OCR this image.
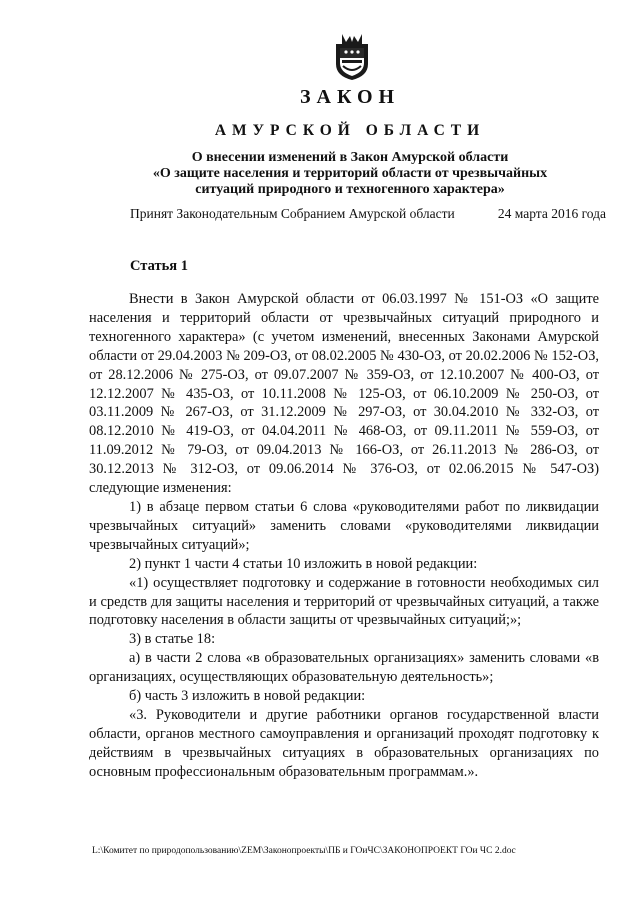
ЗАКОН
АМУРСКОЙ ОБЛАСТИ
О внесении изменений в Закон Амурской области
«О защите населения и территорий области от чрезвычайных
ситуаций природного и техногенного характера»
Принят Законодательным Собранием Амурской области	24 марта 2016 года
Статья 1

Внести в Закон Амурской области от 06.03.1997 № 151-ОЗ «О защите населения и территорий области от чрезвычайных ситуаций природного и техногенного характера» (с учетом изменений, внесенных Законами Амурской области от 29.04.2003 № 209-ОЗ, от 08.02.2005 № 430-ОЗ, от 20.02.2006 № 152-ОЗ, от 28.12.2006 № 275-ОЗ, от 09.07.2007 № 359-ОЗ, от 12.10.2007 № 400-ОЗ, от 12.12.2007 № 435-ОЗ, от 10.11.2008 № 125-ОЗ, от 06.10.2009 № 250-ОЗ, от 03.11.2009 № 267-ОЗ, от 31.12.2009 № 297-ОЗ, от 30.04.2010 № 332-ОЗ, от 08.12.2010 № 419-ОЗ, от 04.04.2011 № 468-ОЗ, от 09.11.2011 № 559-ОЗ, от 11.09.2012 № 79-ОЗ, от 09.04.2013 № 166-ОЗ, от 26.11.2013 № 286-ОЗ, от 30.12.2013 № 312-ОЗ, от 09.06.2014 № 376-ОЗ, от 02.06.2015 № 547-ОЗ) следующие изменения:

1) в абзаце первом статьи 6 слова «руководителями работ по ликвидации чрезвычайных ситуаций» заменить словами «руководителями ликвидации чрезвычайных ситуаций»;

2) пункт 1 части 4 статьи 10 изложить в новой редакции:

«1) осуществляет подготовку и содержание в готовности необходимых сил и средств для защиты населения и территорий от чрезвычайных ситуаций, а также подготовку населения в области защиты от чрезвычайных ситуаций;»;

3) в статье 18:

а) в части 2 слова «в образовательных организациях» заменить словами «в организациях, осуществляющих образовательную деятельность»;

б) часть 3 изложить в новой редакции:

«3. Руководители и другие работники органов государственной власти области, органов местного самоуправления и организаций проходят подготовку к действиям в чрезвычайных ситуациях в образовательных организациях по основным профессиональным образовательным программам.».

L:\Комитет по природопользованию\ZEM\Законопроекты\ПБ и ГОиЧС\ЗАКОНОПРОЕКТ ГОи ЧС 2.doc
